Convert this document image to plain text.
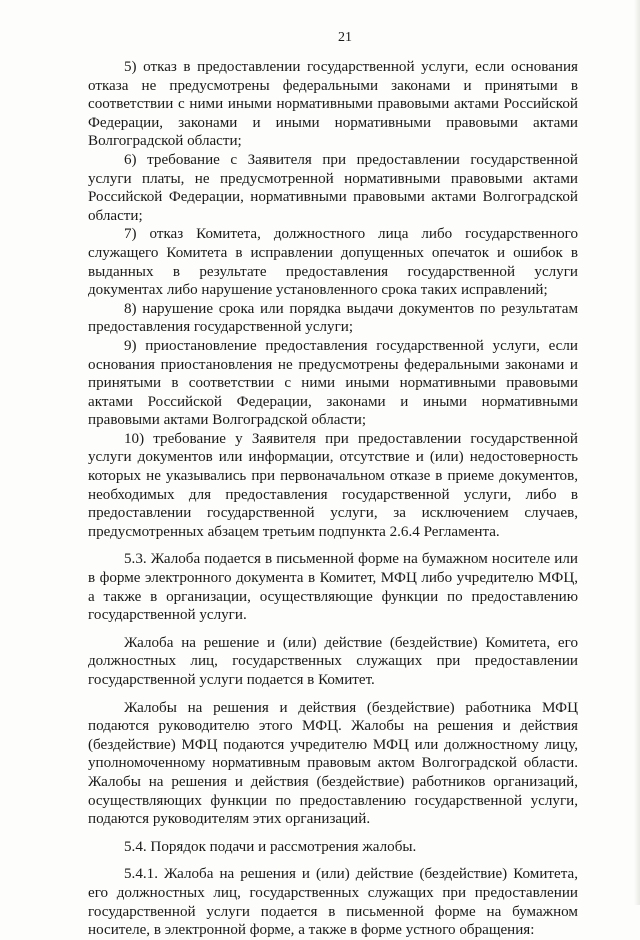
21

5) отказ в предоставлении государственной услуги, если основания отказа не предусмотрены федеральными законами и принятыми в соответствии с ними иными нормативными правовыми актами Российской Федерации, законами и иными нормативными правовыми актами Волгоградской области;

6) требование с Заявителя при предоставлении государственной услуги платы, не предусмотренной нормативными правовыми актами Российской Федерации, нормативными правовыми актами Волгоградской области;

7) отказ Комитета, должностного лица либо государственного служащего Комитета в исправлении допущенных опечаток и ошибок в выданных в результате предоставления государственной услуги документах либо нарушение установленного срока таких исправлений;

8) нарушение срока или порядка выдачи документов по результатам предоставления государственной услуги;

9) приостановление предоставления государственной услуги, если основания приостановления не предусмотрены федеральными законами и принятыми в соответствии с ними иными нормативными правовыми актами Российской Федерации, законами и иными нормативными правовыми актами Волгоградской области;

10) требование у Заявителя при предоставлении государственной услуги документов или информации, отсутствие и (или) недостоверность которых не указывались при первоначальном отказе в приеме документов, необходимых для предоставления государственной услуги, либо в предоставлении государственной услуги, за исключением случаев, предусмотренных абзацем третьим подпункта 2.6.4 Регламента.

5.3. Жалоба подается в письменной форме на бумажном носителе или в форме электронного документа в Комитет, МФЦ либо учредителю МФЦ, а также в организации, осуществляющие функции по предоставлению государственной услуги.

Жалоба на решение и (или) действие (бездействие) Комитета, его должностных лиц, государственных служащих при предоставлении государственной услуги подается в Комитет.

Жалобы на решения и действия (бездействие) работника МФЦ подаются руководителю этого МФЦ. Жалобы на решения и действия (бездействие) МФЦ подаются учредителю МФЦ или должностному лицу, уполномоченному нормативным правовым актом Волгоградской области. Жалобы на решения и действия (бездействие) работников организаций, осуществляющих функции по предоставлению государственной услуги, подаются руководителям этих организаций.

5.4. Порядок подачи и рассмотрения жалобы.

5.4.1. Жалоба на решения и (или) действие (бездействие) Комитета, его должностных лиц, государственных служащих при предоставлении государственной услуги подается в письменной форме на бумажном носителе, в электронной форме, а также в форме устного обращения:
